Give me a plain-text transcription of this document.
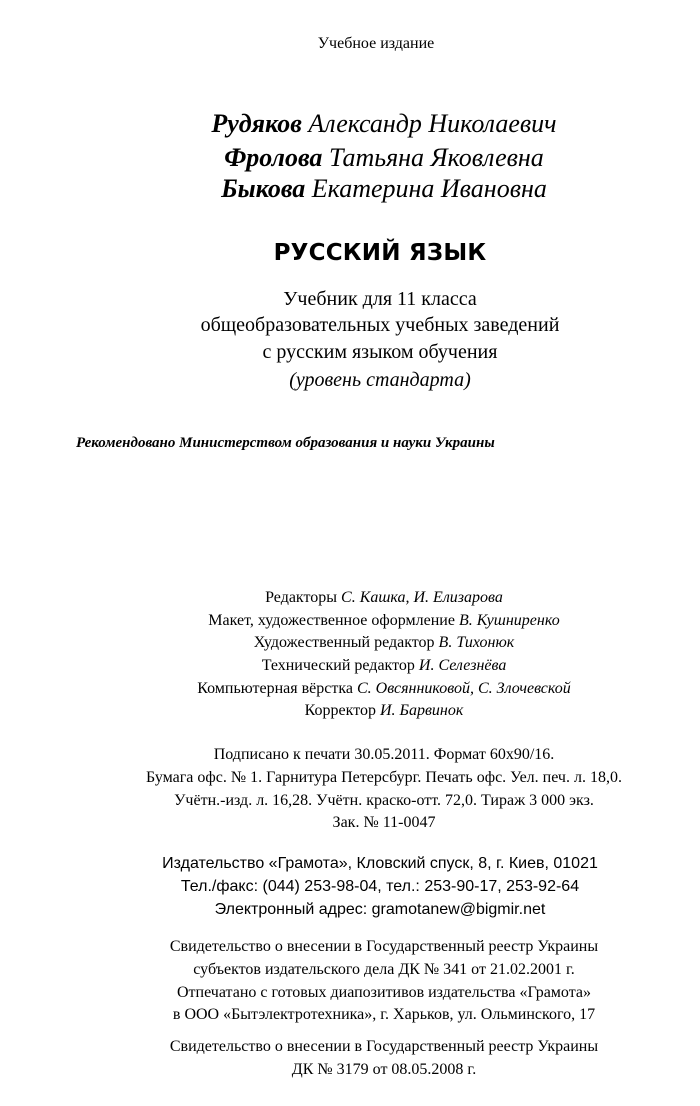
Учебное издание
Рудяков Александр Николаевич
Фролова Татьяна Яковлевна
Быкова Екатерина Ивановна
РУССКИЙ ЯЗЫК
Учебник для 11 класса
общеобразовательных учебных заведений
с русским языком обучения
(уровень стандарта)
Рекомендовано Министерством образования и науки Украины
Редакторы С. Кашка, И. Елизарова
Макет, художественное оформление В. Кушниренко
Художественный редактор В. Тихонюк
Технический редактор И. Селезнёва
Компьютерная вёрстка С. Овсянниковой, С. Злочевской
Корректор И. Барвинок
Подписано к печати 30.05.2011. Формат 60x90/16.
Бумага офс. № 1. Гарнитура Петерсбург. Печать офс. Уел. печ. л. 18,0.
Учётн.-изд. л. 16,28. Учётн. краско-отт. 72,0. Тираж 3 000 экз.
Зак. № 11-0047
Издательство «Грамота», Кловский спуск, 8, г. Киев, 01021
Тел./факс: (044) 253-98-04, тел.: 253-90-17, 253-92-64
Электронный адрес: gramotanew@bigmir.net
Свидетельство о внесении в Государственный реестр Украины
субъектов издательского дела ДК № 341 от 21.02.2001 г.
Отпечатано с готовых диапозитивов издательства «Грамота»
в ООО «Бытэлектротехника», г. Харьков, ул. Ольминского, 17
Свидетельство о внесении в Государственный реестр Украины
ДК № 3179 от 08.05.2008 г.
